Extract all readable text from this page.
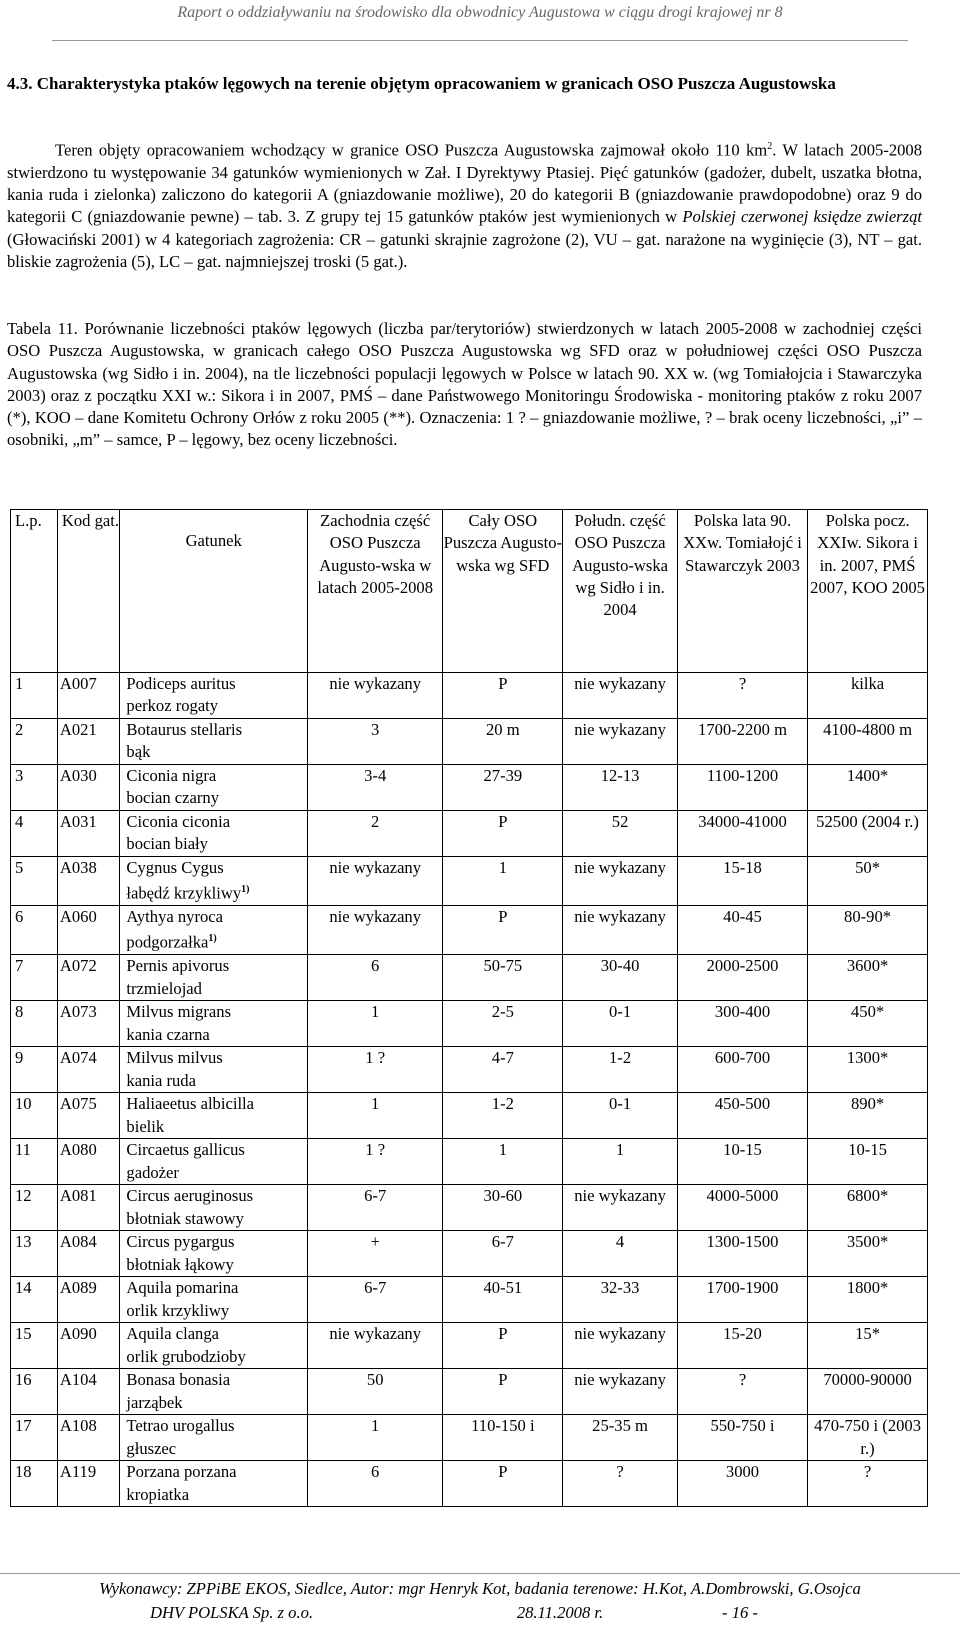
Raport o oddziaływaniu na środowisko dla obwodnicy Augustowa w ciągu drogi krajowej nr 8
4.3. Charakterystyka ptaków lęgowych na terenie objętym opracowaniem w granicach OSO Puszcza Augustowska
Teren objęty opracowaniem wchodzący w granice OSO Puszcza Augustowska zajmował około 110 $km^2$. W latach 2005-2008 stwierdzono tu występowanie 34 gatunków wymienionych w Zał. I Dyrektywy Ptasiej. Pięć gatunków (gadożer, dubelt, uszatka błotna, kania ruda i zielonka) zaliczono do kategorii A (gniazdowanie możliwe), 20 do kategorii B (gniazdowanie prawdopodobne) oraz 9 do kategorii C (gniazdowanie pewne) – tab. 3. Z grupy tej 15 gatunków ptaków jest wymienionych w Polskiej czerwonej księdze zwierząt (Głowaciński 2001) w 4 kategoriach zagrożenia: CR – gatunki skrajnie zagrożone (2), VU – gat. narażone na wyginięcie (3), NT – gat. bliskie zagrożenia (5), LC – gat. najmniejszej troski (5 gat.).
Tabela 11. Porównanie liczebności ptaków lęgowych (liczba par/terytoriów) stwierdzonych w latach 2005-2008 w zachodniej części OSO Puszcza Augustowska, w granicach całego OSO Puszcza Augustowska wg SFD oraz w południowej części OSO Puszcza Augustowska (wg Sidło i in. 2004), na tle liczebności populacji lęgowych w Polsce w latach 90. XX w. (wg Tomiałojcia i Stawarczyka 2003) oraz z początku XXI w.: Sikora i in 2007, PMŚ – dane Państwowego Monitoringu Środowiska - monitoring ptaków z roku 2007 (*), KOO – dane Komitetu Ochrony Orłów z roku 2005 (**). Oznaczenia: 1 ? – gniazdowanie możliwe, ? – brak oceny liczebności, „i” – osobniki, „m” – samce, P – lęgowy, bez oceny liczebności.
L.p.	Kod gat.	Gatunek	Zachodnia część OSO Puszcza Augusto-wska w latach 2005-2008	Cały OSO Puszcza Augusto-wska wg SFD	Połudn. część OSO Puszcza Augusto-wska wg Sidło i in. 2004	Polska lata 90. XXw. Tomiałojć i Stawarczyk 2003	Polska pocz. XXIw. Sikora i in. 2007, PMŚ 2007, KOO 2005
1	A007	Podiceps auritus
perkoz rogaty	nie wykazany	P	nie wykazany	?	kilka
2	A021	Botaurus stellaris
bąk	3	20 m	nie wykazany	1700-2200 m	4100-4800 m
3	A030	Ciconia nigra
bocian czarny	3-4	27-39	12-13	1100-1200	1400*
4	A031	Ciconia ciconia
bocian biały	2	P	52	34000-41000	52500 (2004 r.)
5	A038	Cygnus Cygus
łabędź krzykliwy$^{1)}$	nie wykazany	1	nie wykazany	15-18	50*
6	A060	Aythya nyroca
podgorzałka$^{1)}$	nie wykazany	P	nie wykazany	40-45	80-90*
7	A072	Pernis apivorus
trzmielojad	6	50-75	30-40	2000-2500	3600*
8	A073	Milvus migrans
kania czarna	1	2-5	0-1	300-400	450*
9	A074	Milvus milvus
kania ruda	1 ?	4-7	1-2	600-700	1300*
10	A075	Haliaeetus albicilla
bielik	1	1-2	0-1	450-500	890*
11	A080	Circaetus gallicus
gadożer	1 ?	1	1	10-15	10-15
12	A081	Circus aeruginosus
błotniak stawowy	6-7	30-60	nie wykazany	4000-5000	6800*
13	A084	Circus pygargus
błotniak łąkowy	+	6-7	4	1300-1500	3500*
14	A089	Aquila pomarina
orlik krzykliwy	6-7	40-51	32-33	1700-1900	1800*
15	A090	Aquila clanga
orlik grubodzioby	nie wykazany	P	nie wykazany	15-20	15*
16	A104	Bonasa bonasia
jarząbek	50	P	nie wykazany	?	70000-90000
17	A108	Tetrao urogallus
głuszec	1	110-150 i	25-35 m	550-750 i	470-750 i (2003 r.)
18	A119	Porzana porzana
kropiatka	6	P	?	3000	?
Wykonawcy: ZPPiBE EKOS, Siedlce, Autor: mgr Henryk Kot, badania terenowe: H.Kot, A.Dombrowski, G.Osojca
DHV POLSKA Sp. z o.o.	28.11.2008 r.	- 16 -
